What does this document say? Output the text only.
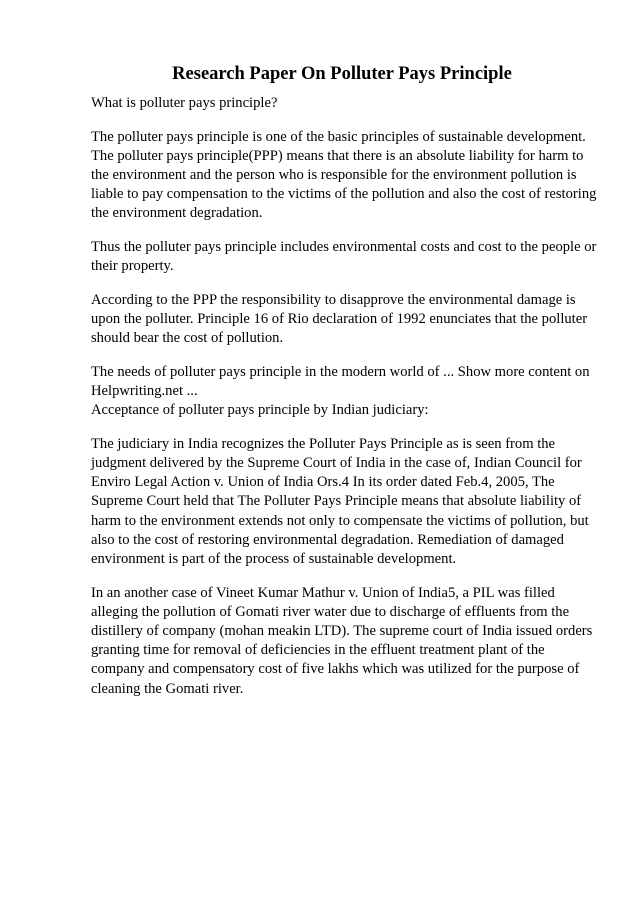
Research Paper On Polluter Pays Principle

What is polluter pays principle?

The polluter pays principle is one of the basic principles of sustainable development. The polluter pays principle(PPP) means that there is an absolute liability for harm to the environment and the person who is responsible for the environment pollution is liable to pay compensation to the victims of the pollution and also the cost of restoring the environment degradation.

Thus the polluter pays principle includes environmental costs and cost to the people or their property.

According to the PPP the responsibility to disapprove the environmental damage is upon the polluter. Principle 16 of Rio declaration of 1992 enunciates that the polluter should bear the cost of pollution.

The needs of polluter pays principle in the modern world of ... Show more content on Helpwriting.net ...

Acceptance of polluter pays principle by Indian judiciary:

The judiciary in India recognizes the Polluter Pays Principle as is seen from the judgment delivered by the Supreme Court of India in the case of, Indian Council for Enviro Legal Action v. Union of India Ors.4 In its order dated Feb.4, 2005, The Supreme Court held that The Polluter Pays Principle means that absolute liability of harm to the environment extends not only to compensate the victims of pollution, but also to the cost of restoring environmental degradation. Remediation of damaged environment is part of the process of sustainable development.

In an another case of Vineet Kumar Mathur v. Union of India5, a PIL was filled alleging the pollution of Gomati river water due to discharge of effluents from the distillery of company (mohan meakin LTD). The supreme court of India issued orders granting time for removal of deficiencies in the effluent treatment plant of the company and compensatory cost of five lakhs which was utilized for the purpose of cleaning the Gomati river.
